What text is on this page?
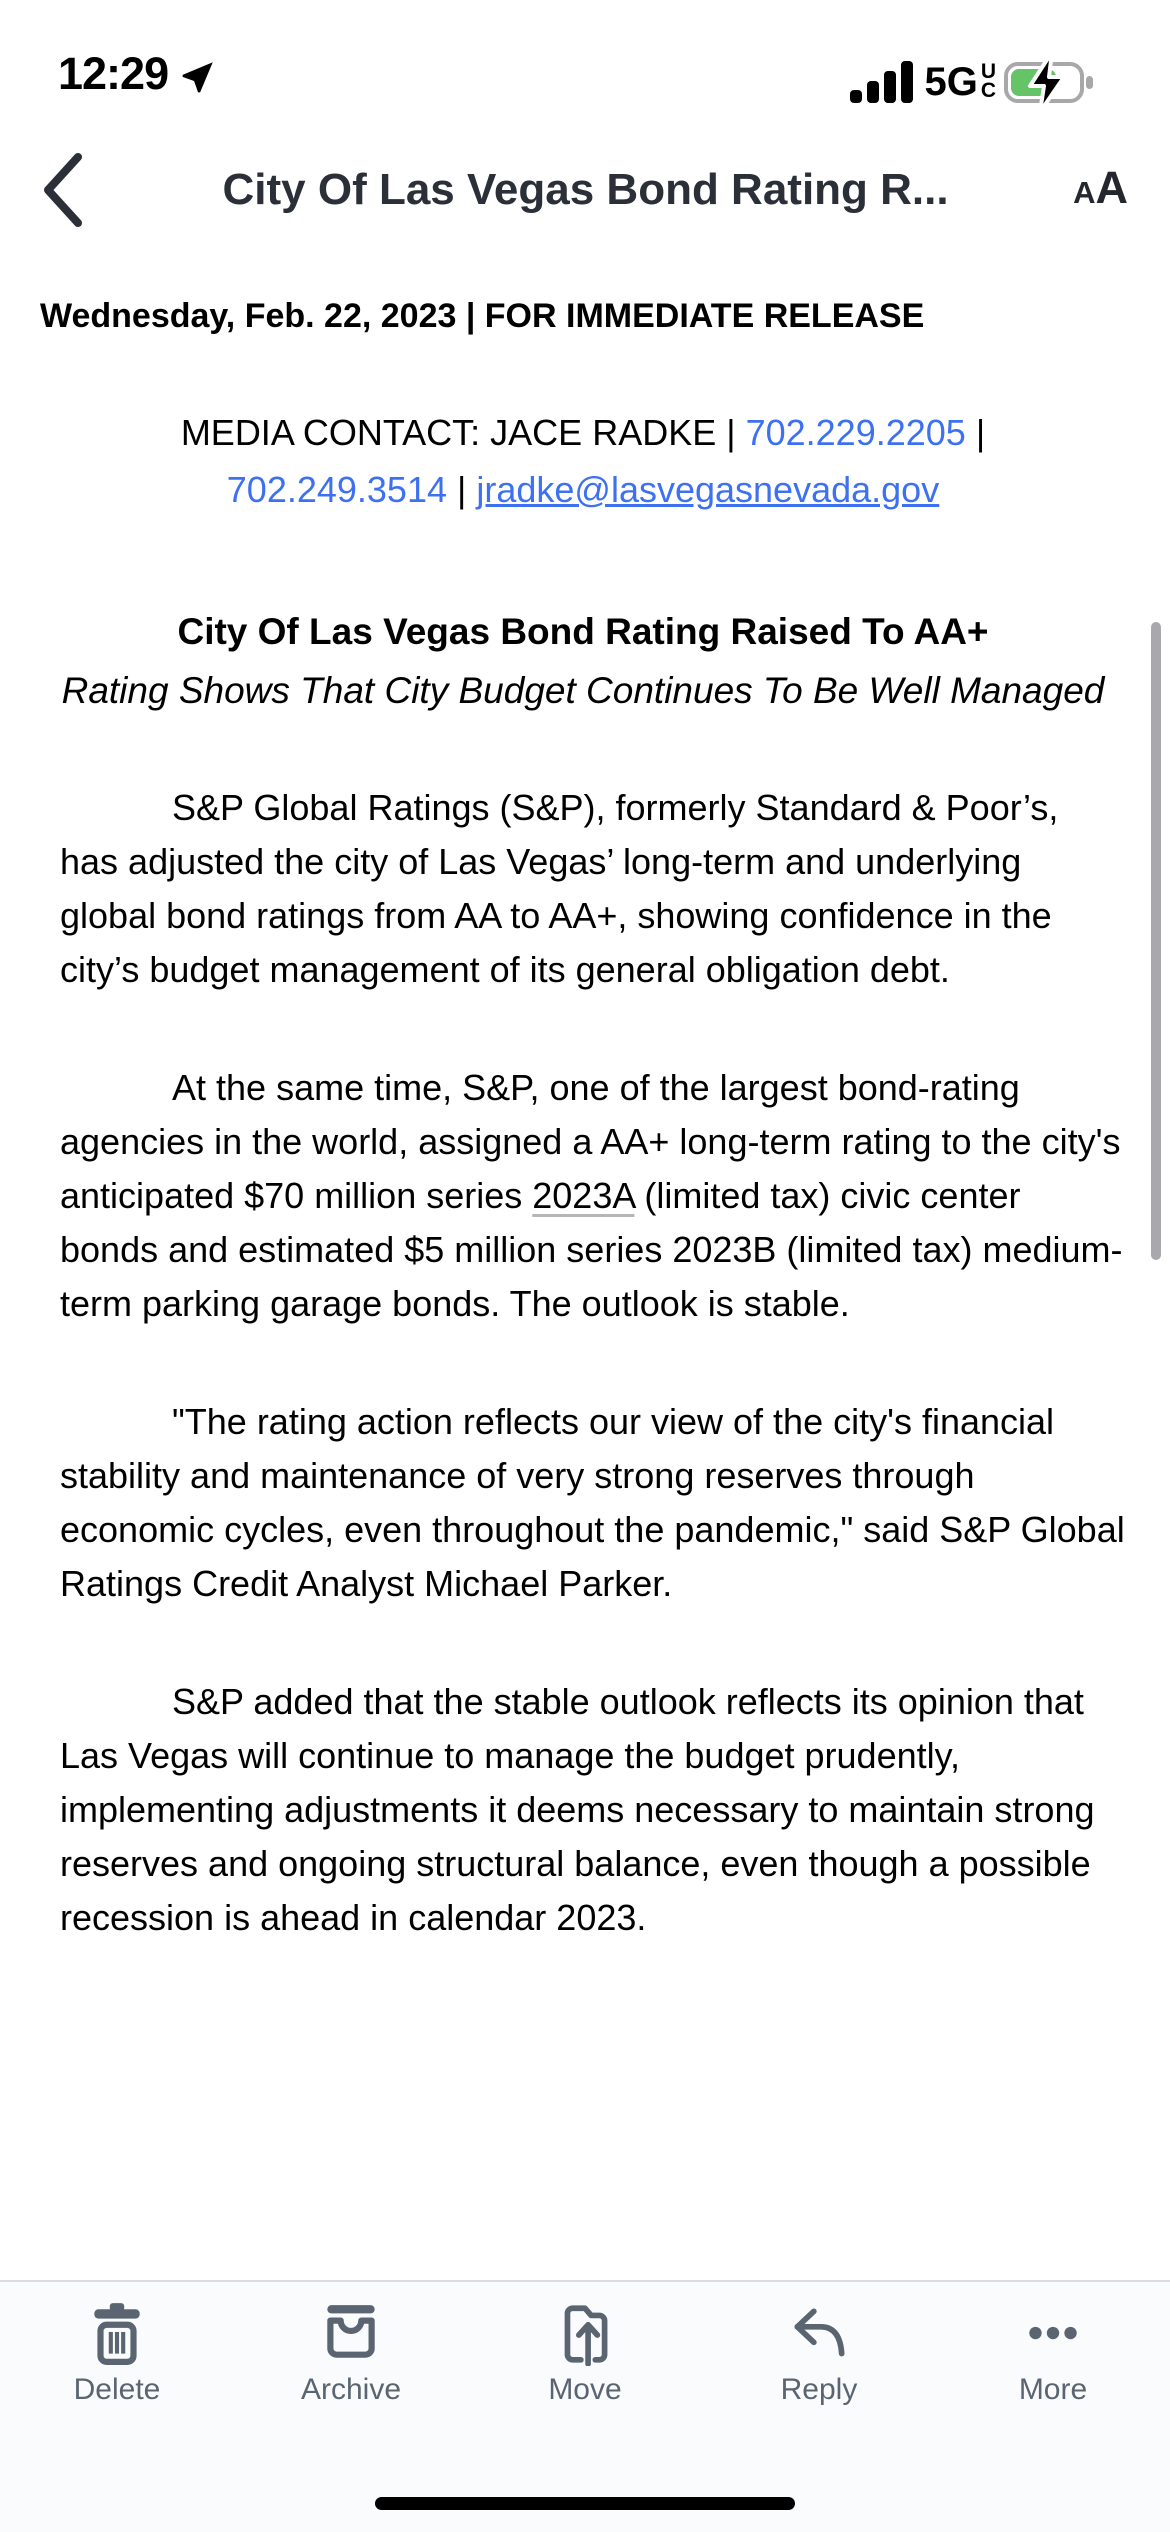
12:29	5G U
C
City Of Las Vegas Bond Rating R...	AA

Wednesday, Feb. 22, 2023 | FOR IMMEDIATE RELEASE

MEDIA CONTACT: JACE RADKE | 702.229.2205 | 702.249.3514 | jradke@lasvegasnevada.gov

City Of Las Vegas Bond Rating Raised To AA+

Rating Shows That City Budget Continues To Be Well Managed

S&P Global Ratings (S&P), formerly Standard & Poor’s, has adjusted the city of Las Vegas’ long-term and underlying global bond ratings from AA to AA+, showing confidence in the city’s budget management of its general obligation debt.

At the same time, S&P, one of the largest bond-rating agencies in the world, assigned a AA+ long-term rating to the city's anticipated $70 million series 2023A (limited tax) civic center bonds and estimated $5 million series 2023B (limited tax) medium-term parking garage bonds. The outlook is stable.

"The rating action reflects our view of the city's financial stability and maintenance of very strong reserves through economic cycles, even throughout the pandemic," said S&P Global Ratings Credit Analyst Michael Parker.

S&P added that the stable outlook reflects its opinion that Las Vegas will continue to manage the budget prudently, implementing adjustments it deems necessary to maintain strong reserves and ongoing structural balance, even though a possible recession is ahead in calendar 2023.

Delete	Archive	Move	Reply	More
